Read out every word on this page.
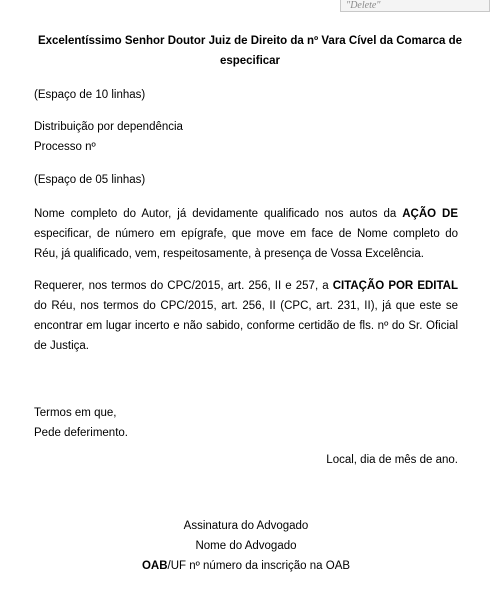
"Delete"
Excelentíssimo Senhor Doutor Juiz de Direito da nº Vara Cível da Comarca de especificar
(Espaço de 10 linhas)
Distribuição por dependência
Processo nº
(Espaço de 05 linhas)
Nome completo do Autor, já devidamente qualificado nos autos da AÇÃO DE especificar, de número em epígrafe, que move em face de Nome completo do Réu, já qualificado, vem, respeitosamente, à presença de Vossa Excelência.
Requerer, nos termos do CPC/2015, art. 256, II e 257, a CITAÇÃO POR EDITAL do Réu, nos termos do CPC/2015, art. 256, II (CPC, art. 231, II), já que este se encontrar em lugar incerto e não sabido, conforme certidão de fls. nº do Sr. Oficial de Justiça.
Termos em que,
Pede deferimento.
Local, dia de mês de ano.
Assinatura do Advogado
Nome do Advogado
OAB/UF nº número da inscrição na OAB
